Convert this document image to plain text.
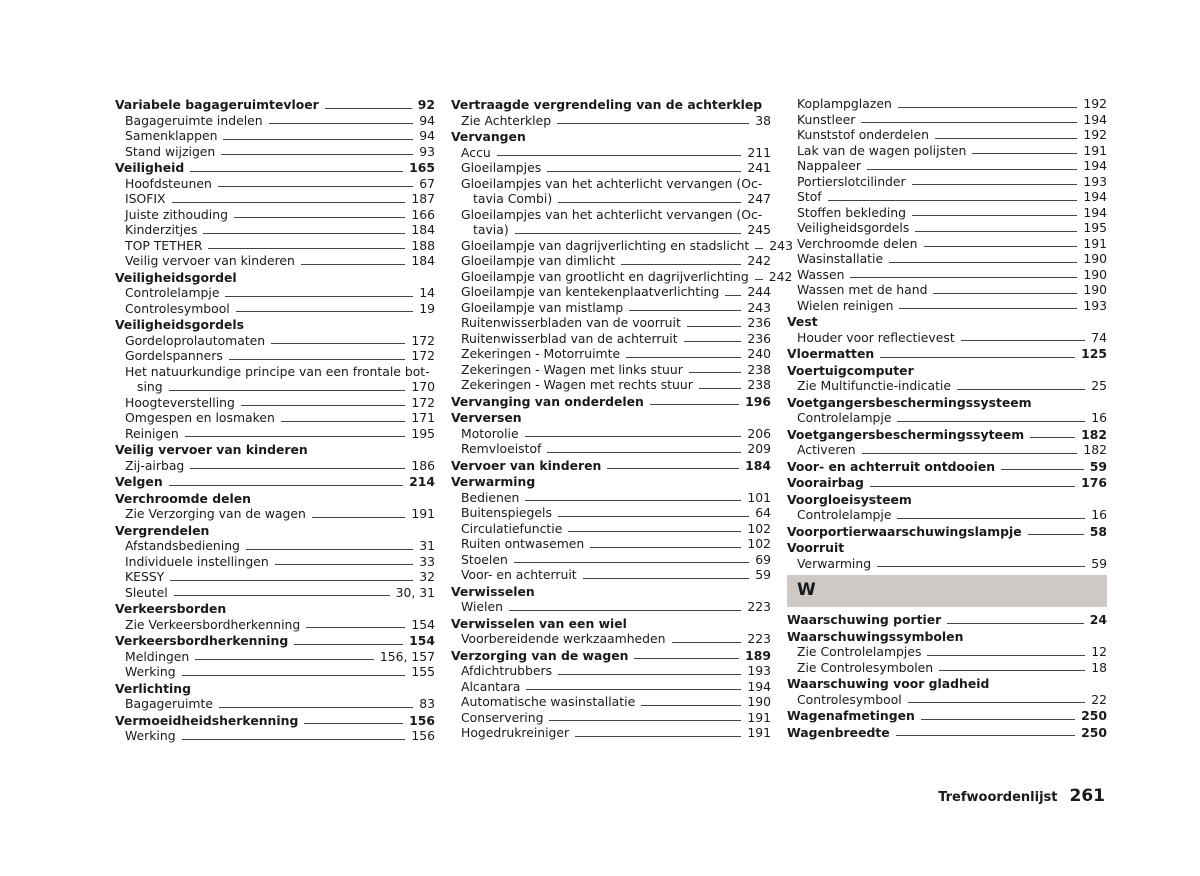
Variabele bagageruimtevloer	92
Bagageruimte indelen	94
Samenklappen	94
Stand wijzigen	93
Veiligheid	165
Hoofdsteunen	67
ISOFIX	187
Juiste zithouding	166
Kinderzitjes	184
TOP TETHER	188
Veilig vervoer van kinderen	184
Veiligheidsgordel
Controlelampje	14
Controlesymbool	19
Veiligheidsgordels
Gordeloprolautomaten	172
Gordelspanners	172
Het natuurkundige principe van een frontale bot-
sing	170
Hoogteverstelling	172
Omgespen en losmaken	171
Reinigen	195
Veilig vervoer van kinderen
Zij-airbag	186
Velgen	214
Verchroomde delen
Zie Verzorging van de wagen	191
Vergrendelen
Afstandsbediening	31
Individuele instellingen	33
KESSY	32
Sleutel	30, 31
Verkeersborden
Zie Verkeersbordherkenning	154
Verkeersbordherkenning	154
Meldingen	156, 157
Werking	155
Verlichting
Bagageruimte	83
Vermoeidheidsherkenning	156
Werking	156
Vertraagde vergrendeling van de achterklep
Zie Achterklep	38
Vervangen
Accu	211
Gloeilampjes	241
Gloeilampjes van het achterlicht vervangen (Oc-
tavia Combi)	247
Gloeilampjes van het achterlicht vervangen (Oc-
tavia)	245
Gloeilampje van dagrijverlichting en stadslicht 243
Gloeilampje van dimlicht	242
Gloeilampje van grootlicht en dagrijverlichting 242
Gloeilampje van kentekenplaatverlichting 244
Gloeilampje van mistlamp	243
Ruitenwisserbladen van de voorruit	236
Ruitenwisserblad van de achterruit	236
Zekeringen - Motorruimte	240
Zekeringen - Wagen met links stuur	238
Zekeringen - Wagen met rechts stuur	238
Vervanging van onderdelen	196
Verversen
Motorolie	206
Remvloeistof	209
Vervoer van kinderen	184
Verwarming
Bedienen	101
Buitenspiegels	64
Circulatiefunctie	102
Ruiten ontwasemen	102
Stoelen	69
Voor- en achterruit	59
Verwisselen
Wielen	223
Verwisselen van een wiel
Voorbereidende werkzaamheden	223
Verzorging van de wagen	189
Afdichtrubbers	193
Alcantara	194
Automatische wasinstallatie	190
Conservering	191
Hogedrukreiniger	191
Koplampglazen	192
Kunstleer	194
Kunststof onderdelen	192
Lak van de wagen polijsten	191
Nappaleer	194
Portierslotcilinder	193
Stof	194
Stoffen bekleding	194
Veiligheidsgordels	195
Verchroomde delen	191
Wasinstallatie	190
Wassen	190
Wassen met de hand	190
Wielen reinigen	193
Vest
Houder voor reflectievest	74
Vloermatten	125
Voertuigcomputer
Zie Multifunctie-indicatie	25
Voetgangersbeschermingssysteem
Controlelampje	16
Voetgangersbeschermingssyteem	182
Activeren	182
Voor- en achterruit ontdooien	59
Voorairbag	176
Voorgloeisysteem
Controlelampje	16
Voorportierwaarschuwingslampje	58
Voorruit
Verwarming	59
W
Waarschuwing portier	24
Waarschuwingssymbolen
Zie Controlelampjes	12
Zie Controlesymbolen	18
Waarschuwing voor gladheid
Controlesymbool	22
Wagenafmetingen	250
Wagenbreedte	250
Trefwoordenlijst 261
